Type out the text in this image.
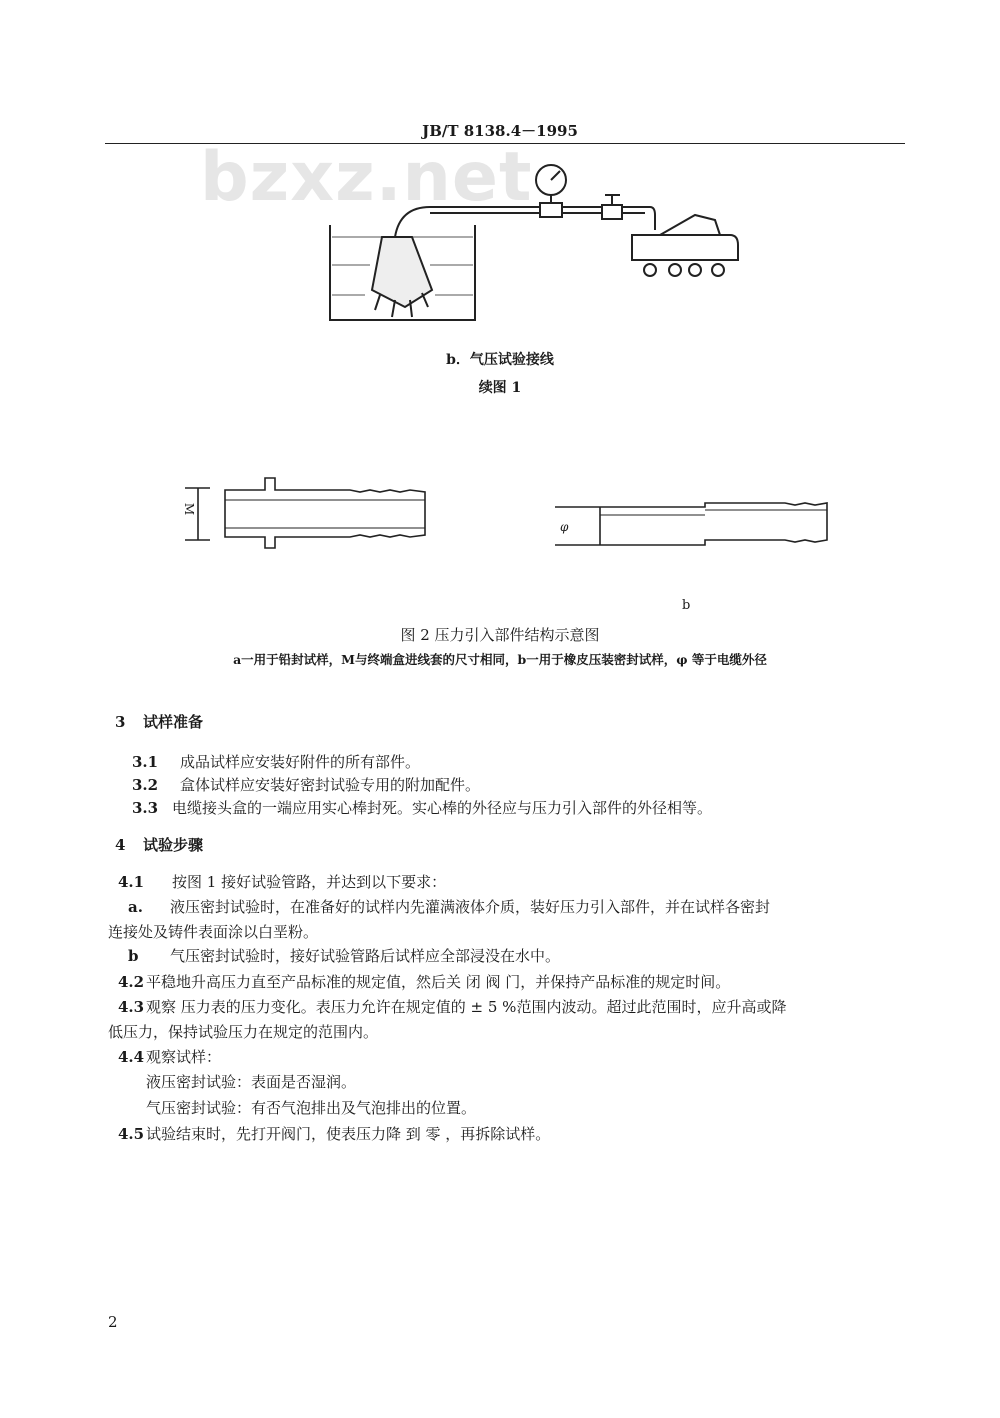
JB/T 8138.4－1995
bzxz.net
b．气压试验接线
续图 1
M
φ
b
图 2 压力引入部件结构示意图
a一用于铅封试样，M与终端盒进线套的尺寸相同，b一用于橡皮压装密封试样，φ 等于电缆外径
3 试样准备
3.1 成品试样应安装好附件的所有部件。
3.2 盒体试样应安装好密封试验专用的附加配件。
3.3 电缆接头盒的一端应用实心棒封死。实心棒的外径应与压力引入部件的外径相等。
4 试验步骤
4.1 按图 1 接好试验管路，并达到以下要求：
a. 液压密封试验时，在准备好的试样内先灌满液体介质，装好压力引入部件，并在试样各密封
连接处及铸件表面涂以白垩粉。
b 气压密封试验时，接好试验管路后试样应全部浸没在水中。
4.2 平稳地升高压力直至产品标准的规定值，然后关 闭 阀 门，并保持产品标准的规定时间。
4.3 观察 压力表的压力变化。表压力允许在规定值的 ± 5 %范围内波动。超过此范围时，应升高或降
低压力，保持试验压力在规定的范围内。
4.4 观察试样：
液压密封试验：表面是否湿润。
气压密封试验：有否气泡排出及气泡排出的位置。
4.5 试验结束时，先打开阀门，使表压力降 到 零 ，再拆除试样。
2
